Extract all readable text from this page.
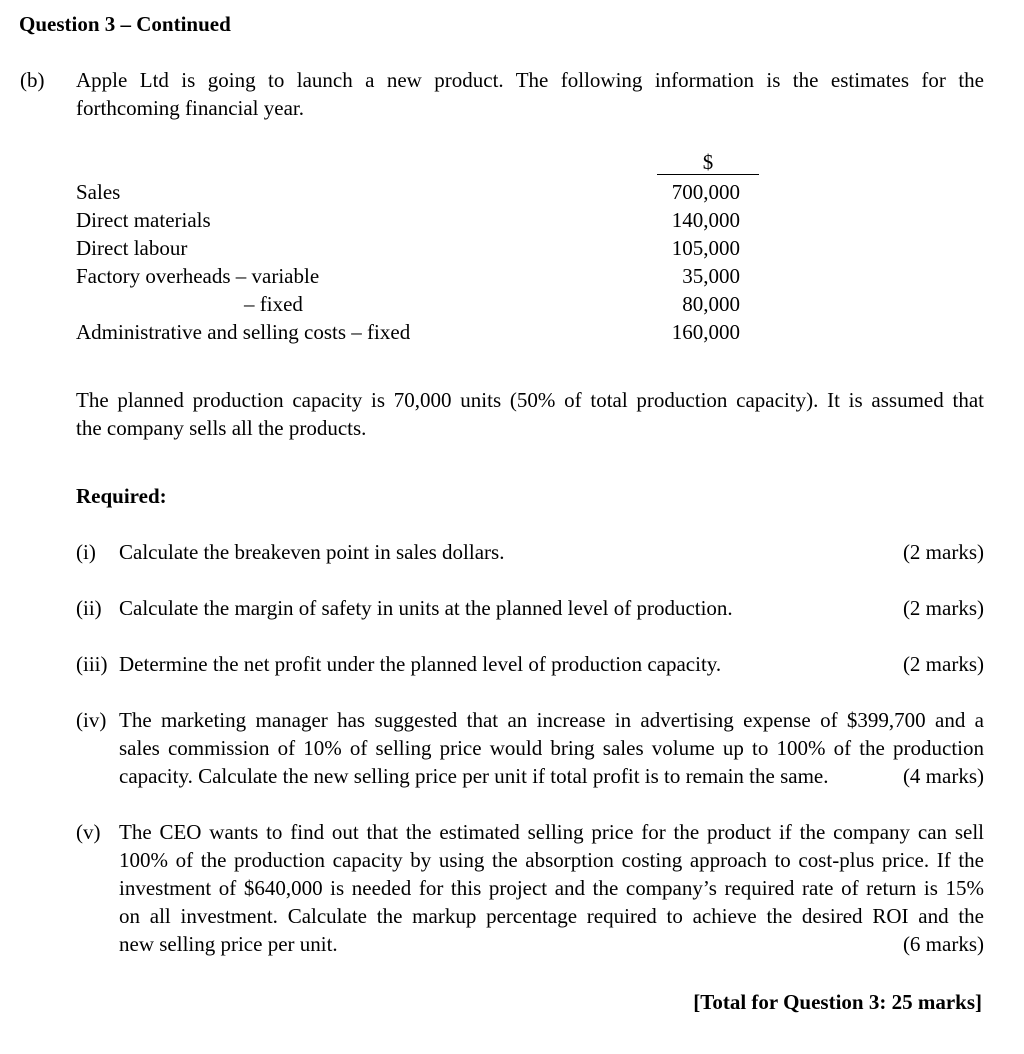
Question 3 – Continued
(b) Apple Ltd is going to launch a new product. The following information is the estimates for the
forthcoming financial year.
$
Sales	700,000
Direct materials	140,000
Direct labour	105,000
Factory overheads – variable	35,000
– fixed	80,000
Administrative and selling costs – fixed	160,000
The planned production capacity is 70,000 units (50% of total production capacity). It is assumed that
the company sells all the products.
Required:
(i) Calculate the breakeven point in sales dollars.	(2 marks)
(ii) Calculate the margin of safety in units at the planned level of production.	(2 marks)
(iii) Determine the net profit under the planned level of production capacity.	(2 marks)
(iv) The marketing manager has suggested that an increase in advertising expense of $399,700 and a
sales commission of 10% of selling price would bring sales volume up to 100% of the production
capacity. Calculate the new selling price per unit if total profit is to remain the same.	(4 marks)
(v) The CEO wants to find out that the estimated selling price for the product if the company can sell
100% of the production capacity by using the absorption costing approach to cost-plus price. If the
investment of $640,000 is needed for this project and the company’s required rate of return is 15%
on all investment. Calculate the markup percentage required to achieve the desired ROI and the
new selling price per unit.	(6 marks)
[Total for Question 3: 25 marks]
